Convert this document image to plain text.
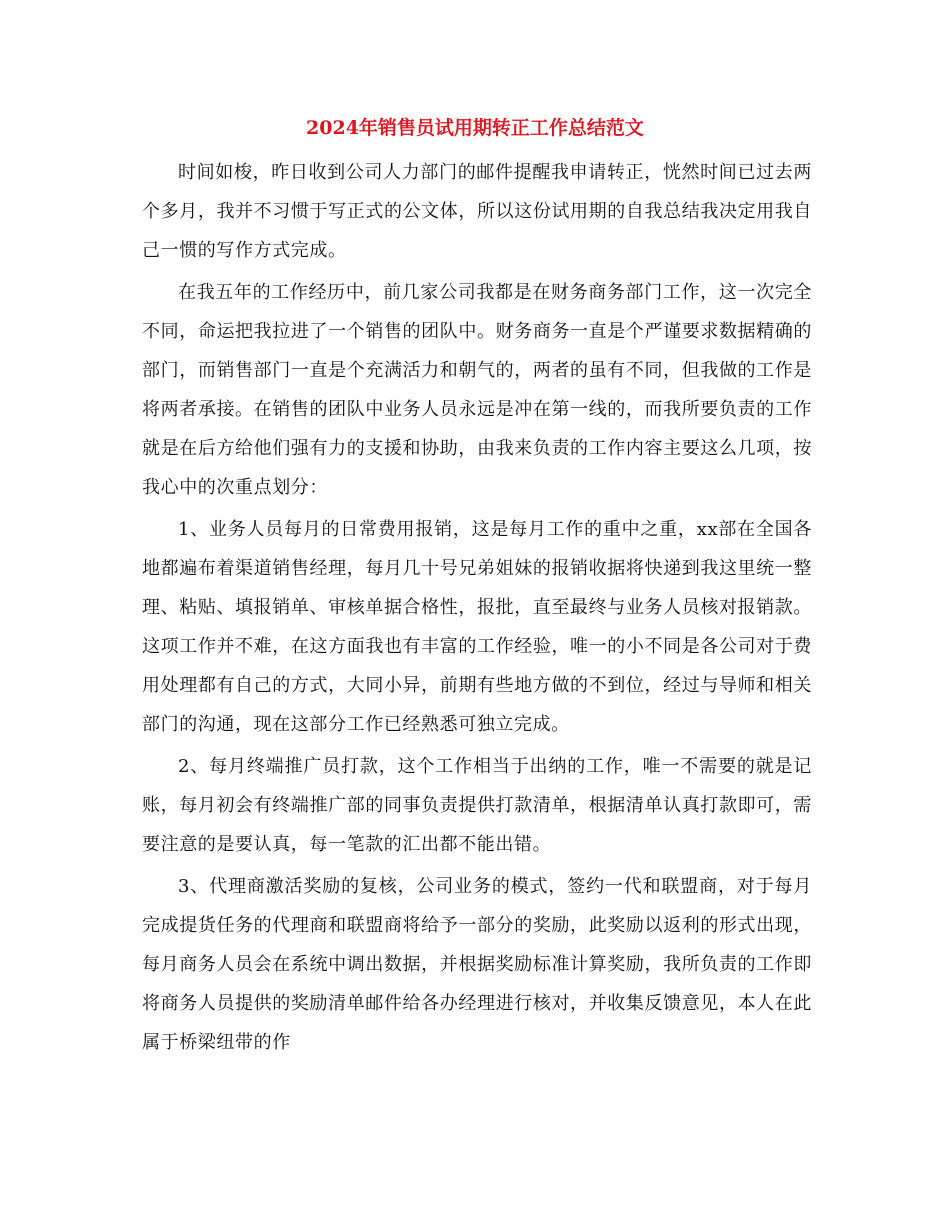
2024年销售员试用期转正工作总结范文

时间如梭，昨日收到公司人力部门的邮件提醒我申请转正，恍然时间已过去两个多月，我并不习惯于写正式的公文体，所以这份试用期的自我总结我决定用我自己一惯的写作方式完成。

在我五年的工作经历中，前几家公司我都是在财务商务部门工作，这一次完全不同，命运把我拉进了一个销售的团队中。财务商务一直是个严谨要求数据精确的部门，而销售部门一直是个充满活力和朝气的，两者的虽有不同，但我做的工作是将两者承接。在销售的团队中业务人员永远是冲在第一线的，而我所要负责的工作就是在后方给他们强有力的支援和协助，由我来负责的工作内容主要这么几项，按我心中的次重点划分：

1、业务人员每月的日常费用报销，这是每月工作的重中之重，xx部在全国各地都遍布着渠道销售经理，每月几十号兄弟姐妹的报销收据将快递到我这里统一整理、粘贴、填报销单、审核单据合格性，报批，直至最终与业务人员核对报销款。这项工作并不难，在这方面我也有丰富的工作经验，唯一的小不同是各公司对于费用处理都有自己的方式，大同小异，前期有些地方做的不到位，经过与导师和相关部门的沟通，现在这部分工作已经熟悉可独立完成。

2、每月终端推广员打款，这个工作相当于出纳的工作，唯一不需要的就是记账，每月初会有终端推广部的同事负责提供打款清单，根据清单认真打款即可，需要注意的是要认真，每一笔款的汇出都不能出错。

3、代理商激活奖励的复核，公司业务的模式，签约一代和联盟商，对于每月完成提货任务的代理商和联盟商将给予一部分的奖励，此奖励以返利的形式出现，每月商务人员会在系统中调出数据，并根据奖励标准计算奖励，我所负责的工作即将商务人员提供的奖励清单邮件给各办经理进行核对，并收集反馈意见，本人在此属于桥梁纽带的作
